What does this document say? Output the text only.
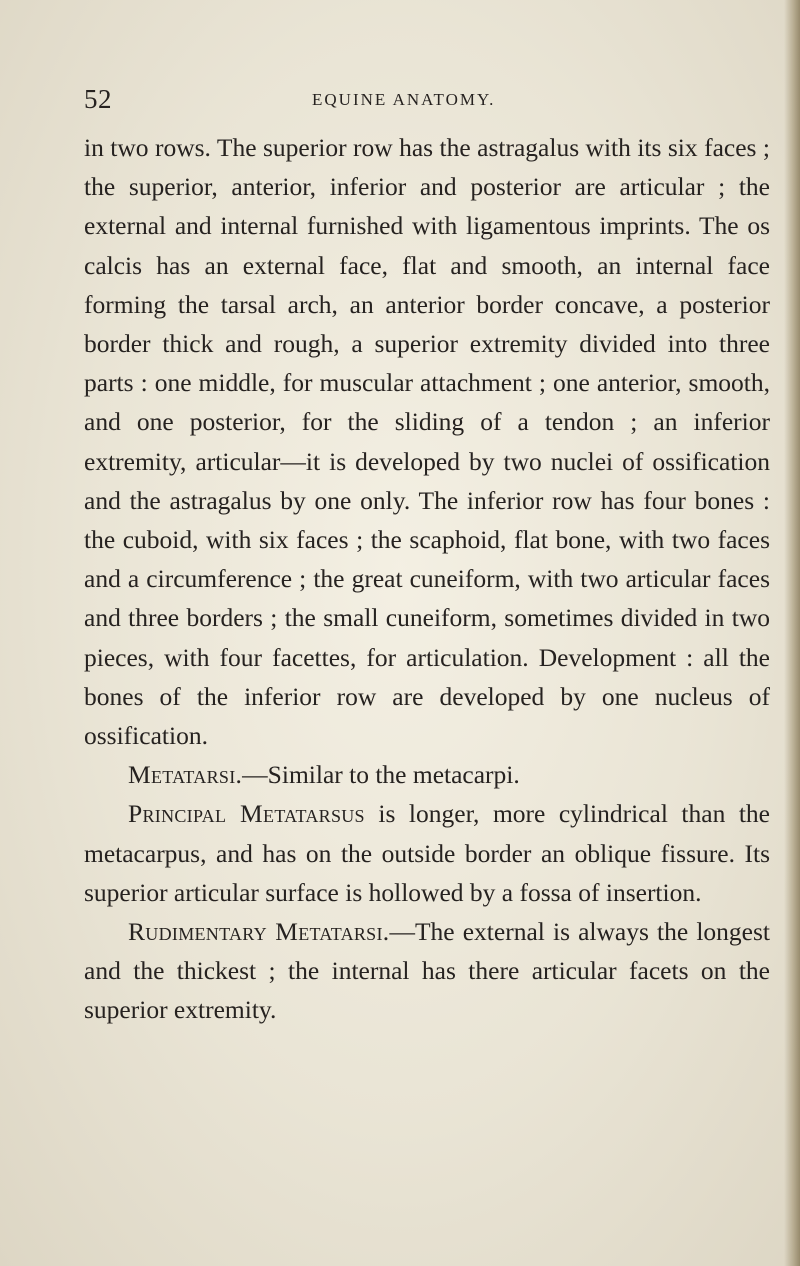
52	EQUINE ANATOMY.

in two rows. The superior row has the astragalus with its six faces ; the superior, anterior, inferior and posterior are articular ; the external and internal furnished with ligamentous imprints. The os calcis has an external face, flat and smooth, an internal face forming the tarsal arch, an anterior border concave, a posterior border thick and rough, a superior extremity divided into three parts : one middle, for muscular attachment ; one anterior, smooth, and one posterior, for the sliding of a tendon ; an inferior extremity, articular—it is developed by two nuclei of ossification and the astragalus by one only. The inferior row has four bones : the cuboid, with six faces ; the scaphoid, flat bone, with two faces and a circumference ; the great cuneiform, with two articular faces and three borders ; the small cuneiform, sometimes divided in two pieces, with four facettes, for articulation. Development : all the bones of the inferior row are developed by one nucleus of ossification.

Metatarsi.—Similar to the metacarpi.

Principal Metatarsus is longer, more cylindrical than the metacarpus, and has on the outside border an oblique fissure. Its superior articular surface is hollowed by a fossa of insertion.

Rudimentary Metatarsi.—The external is always the longest and the thickest ; the internal has there articular facets on the superior extremity.
